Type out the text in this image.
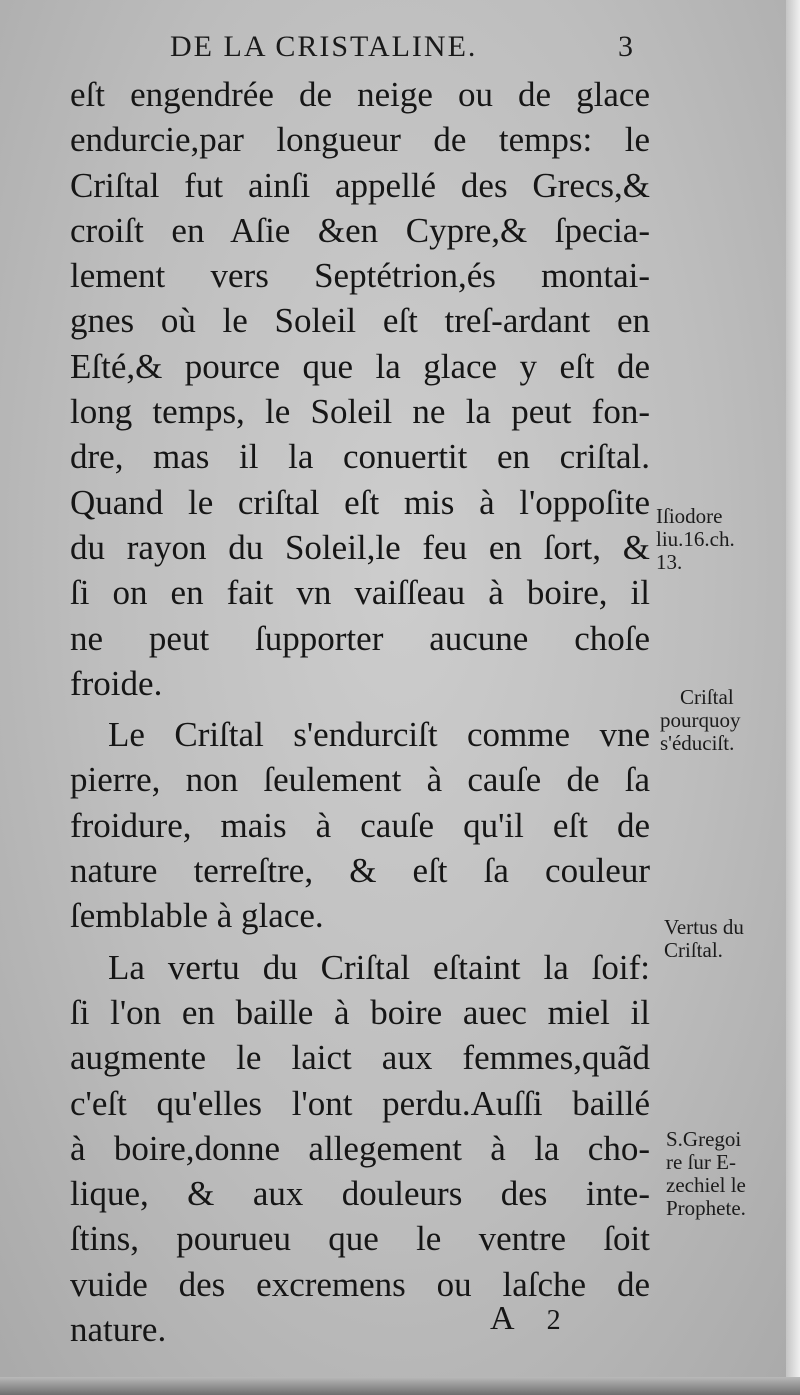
DE LA CRISTALINE.	3
eſt engendrée de neige ou de glace
endurcie,par longueur de temps: le
Criſtal fut ainſi appellé des Grecs,&
croiſt en Aſie &en Cypre,& ſpecia-
lement vers Septétrion,és montai-
gnes où le Soleil eſt treſ-ardant en
Eſté,& pource que la glace y eſt de
long temps, le Soleil ne la peut fon-
dre, mas il la conuertit en criſtal.
Quand le criſtal eſt mis à l'oppoſite
du rayon du Soleil,le feu en ſort, &
ſi on en fait vn vaiſſeau à boire, il
ne peut ſupporter aucune choſe
froide.
Le Criſtal s'endurciſt comme vne
pierre, non ſeulement à cauſe de ſa
froidure, mais à cauſe qu'il eſt de
nature terreſtre, & eſt ſa couleur
ſemblable à glace.
La vertu du Criſtal eſtaint la ſoif:
ſi l'on en baille à boire auec miel il
augmente le laict aux femmes,quãd
c'eſt qu'elles l'ont perdu.Auſſi baillé
à boire,donne allegement à la cho-
lique, & aux douleurs des inte-
ſtins, pourueu que le ventre ſoit
vuide des excremens ou laſche de
nature.
Iſiodore
liu.16.ch.
13.
Criſtal
pourquoy
s'éduciſt.
Vertus du
Criſtal.
S.Gregoi
re ſur E-
zechiel le
Prophete.
A 2
